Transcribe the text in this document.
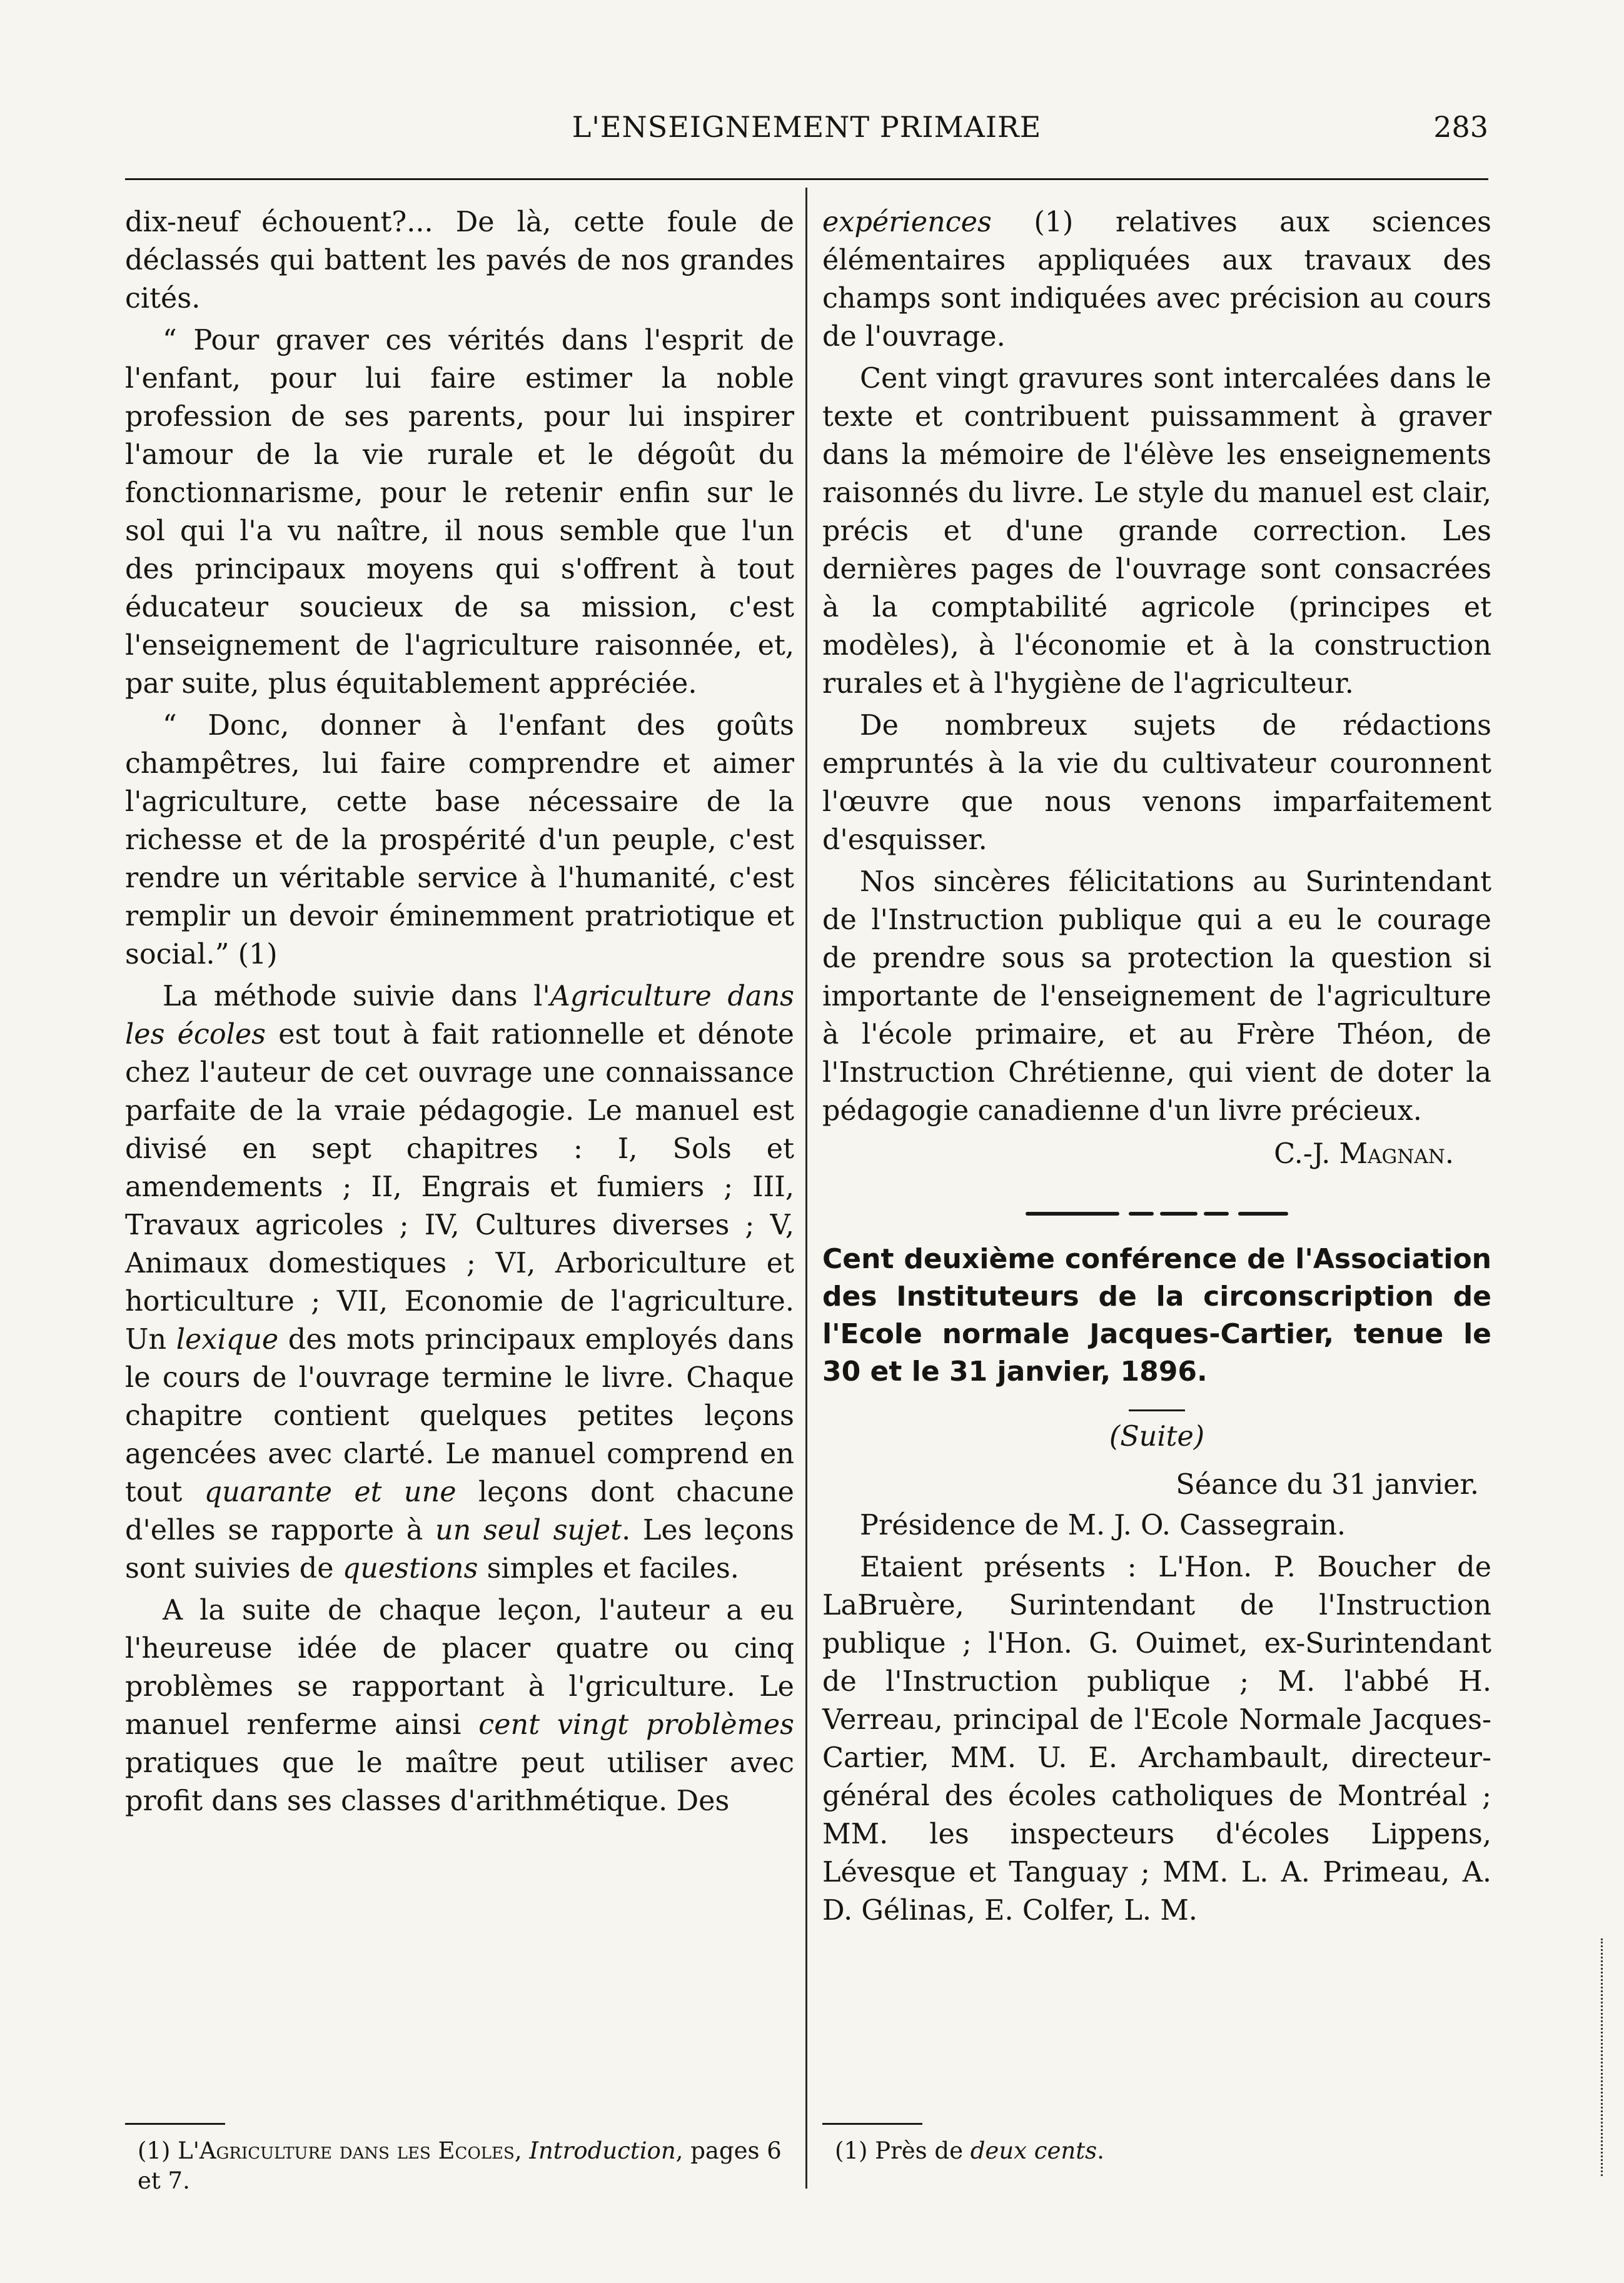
L'ENSEIGNEMENT PRIMAIRE	283

dix-neuf échouent?... De là, cette foule de déclassés qui battent les pavés de nos grandes cités.

“ Pour graver ces vérités dans l'esprit de l'enfant, pour lui faire estimer la noble profession de ses parents, pour lui inspirer l'amour de la vie rurale et le dégoût du fonctionnarisme, pour le retenir enfin sur le sol qui l'a vu naître, il nous semble que l'un des principaux moyens qui s'offrent à tout éducateur soucieux de sa mission, c'est l'enseignement de l'agriculture raisonnée, et, par suite, plus équitablement appréciée.

“ Donc, donner à l'enfant des goûts champêtres, lui faire comprendre et aimer l'agriculture, cette base nécessaire de la richesse et de la prospérité d'un peuple, c'est rendre un véritable service à l'humanité, c'est remplir un devoir éminemment pratriotique et social.” (1)

La méthode suivie dans l'Agriculture dans les écoles est tout à fait rationnelle et dénote chez l'auteur de cet ouvrage une connaissance parfaite de la vraie pédagogie. Le manuel est divisé en sept chapitres : I, Sols et amendements ; II, Engrais et fumiers ; III, Travaux agricoles ; IV, Cultures diverses ; V, Animaux domestiques ; VI, Arboriculture et horticulture ; VII, Economie de l'agriculture. Un lexique des mots principaux employés dans le cours de l'ouvrage termine le livre. Chaque chapitre contient quelques petites leçons agencées avec clarté. Le manuel comprend en tout quarante et une leçons dont chacune d'elles se rapporte à un seul sujet. Les leçons sont suivies de questions simples et faciles.

A la suite de chaque leçon, l'auteur a eu l'heureuse idée de placer quatre ou cinq problèmes se rapportant à l'griculture. Le manuel renferme ainsi cent vingt problèmes pratiques que le maître peut utiliser avec profit dans ses classes d'arithmétique. Des

expériences (1) relatives aux sciences élémentaires appliquées aux travaux des champs sont indiquées avec précision au cours de l'ouvrage.

Cent vingt gravures sont intercalées dans le texte et contribuent puissamment à graver dans la mémoire de l'élève les enseignements raisonnés du livre. Le style du manuel est clair, précis et d'une grande correction. Les dernières pages de l'ouvrage sont consacrées à la comptabilité agricole (principes et modèles), à l'économie et à la construction rurales et à l'hygiène de l'agriculteur.

De nombreux sujets de rédactions empruntés à la vie du cultivateur couronnent l'œuvre que nous venons imparfaitement d'esquisser.

Nos sincères félicitations au Surintendant de l'Instruction publique qui a eu le courage de prendre sous sa protection la question si importante de l'enseignement de l'agriculture à l'école primaire, et au Frère Théon, de l'Instruction Chrétienne, qui vient de doter la pédagogie canadienne d'un livre précieux.

C.-J. Magnan.
Cent deuxième conférence de l'Association des Instituteurs de la circonscription de l'Ecole normale Jacques-Cartier, tenue le 30 et le 31 janvier, 1896.
(Suite)
Séance du 31 janvier.

Présidence de M. J. O. Cassegrain.

Etaient présents : L'Hon. P. Boucher de LaBruère, Surintendant de l'Instruction publique ; l'Hon. G. Ouimet, ex-Surintendant de l'Instruction publique ; M. l'abbé H. Verreau, principal de l'Ecole Normale Jacques-Cartier, MM. U. E. Archambault, directeur-général des écoles catholiques de Montréal ; MM. les inspecteurs d'écoles Lippens, Lévesque et Tanguay ; MM. L. A. Primeau, A. D. Gélinas, E. Colfer, L. M.

(1) L'Agriculture dans les Ecoles, Introduction, pages 6 et 7.
(1) Près de deux cents.
